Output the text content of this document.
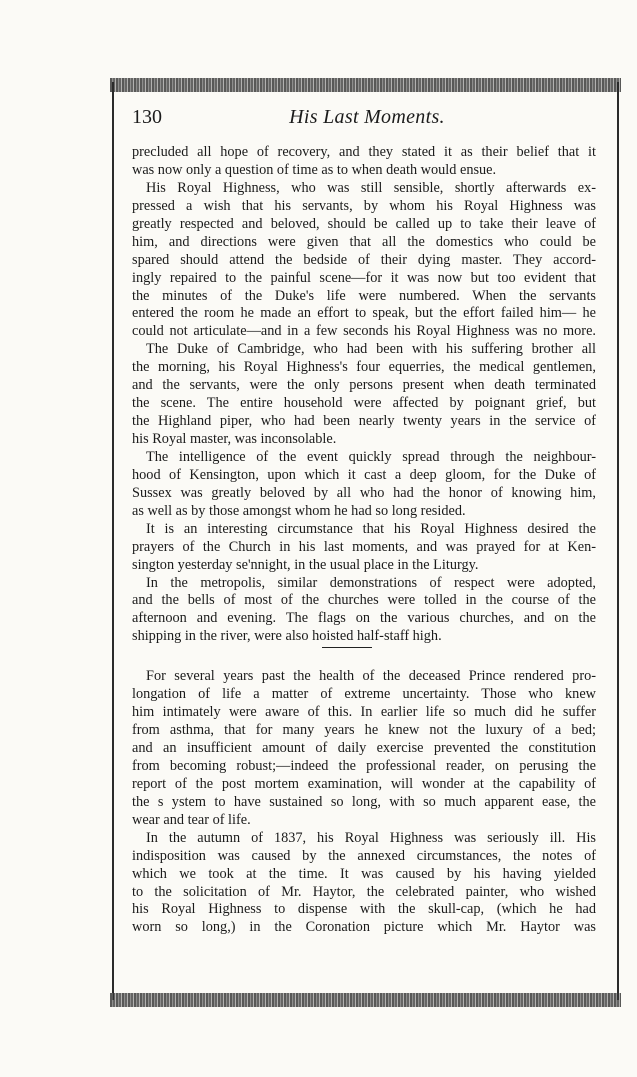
130	His Last Moments.
precluded all hope of recovery, and they stated it as their belief that it
was now only a question of time as to when death would ensue.
His Royal Highness, who was still sensible, shortly afterwards ex-
pressed a wish that his servants, by whom his Royal Highness was
greatly respected and beloved, should be called up to take their leave of
him, and directions were given that all the domestics who could be
spared should attend the bedside of their dying master. They accord-
ingly repaired to the painful scene—for it was now but too evident that
the minutes of the Duke's life were numbered. When the servants
entered the room he made an effort to speak, but the effort failed him— he
could not articulate—and in a few seconds his Royal Highness was no more.
The Duke of Cambridge, who had been with his suffering brother all
the morning, his Royal Highness's four equerries, the medical gentlemen,
and the servants, were the only persons present when death terminated
the scene. The entire household were affected by poignant grief, but
the Highland piper, who had been nearly twenty years in the service of
his Royal master, was inconsolable.
The intelligence of the event quickly spread through the neighbour-
hood of Kensington, upon which it cast a deep gloom, for the Duke of
Sussex was greatly beloved by all who had the honor of knowing him,
as well as by those amongst whom he had so long resided.
It is an interesting circumstance that his Royal Highness desired the
prayers of the Church in his last moments, and was prayed for at Ken-
sington yesterday se'nnight, in the usual place in the Liturgy.
In the metropolis, similar demonstrations of respect were adopted,
and the bells of most of the churches were tolled in the course of the
afternoon and evening. The flags on the various churches, and on the
shipping in the river, were also hoisted half-staff high.
For several years past the health of the deceased Prince rendered pro-
longation of life a matter of extreme uncertainty. Those who knew
him intimately were aware of this. In earlier life so much did he suffer
from asthma, that for many years he knew not the luxury of a bed;
and an insufficient amount of daily exercise prevented the constitution
from becoming robust;—indeed the professional reader, on perusing the
report of the post mortem examination, will wonder at the capability of
the s ystem to have sustained so long, with so much apparent ease, the
wear and tear of life.
In the autumn of 1837, his Royal Highness was seriously ill. His
indisposition was caused by the annexed circumstances, the notes of
which we took at the time. It was caused by his having yielded
to the solicitation of Mr. Haytor, the celebrated painter, who wished
his Royal Highness to dispense with the skull-cap, (which he had
worn so long,) in the Coronation picture which Mr. Haytor was
